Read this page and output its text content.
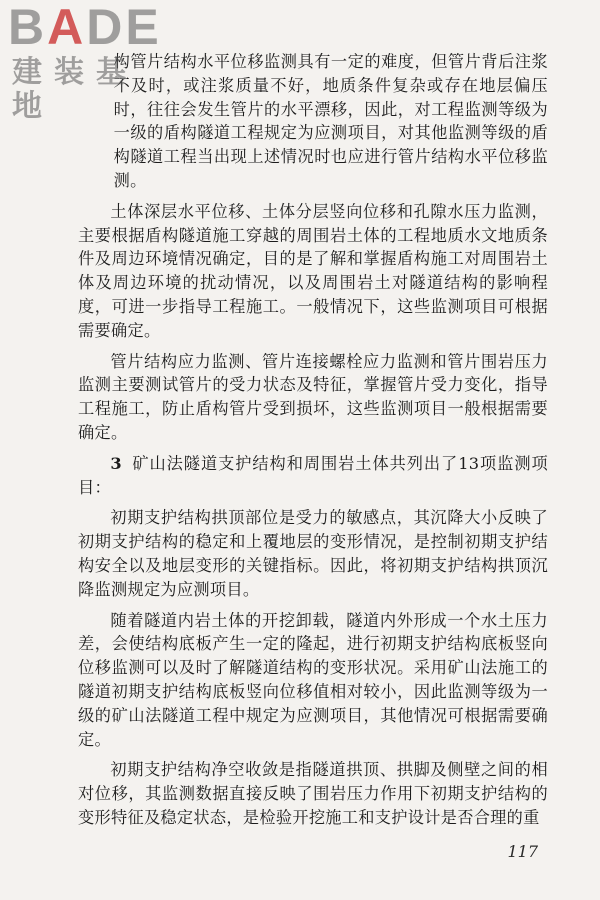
BADE
建装基地

构管片结构水平位移监测具有一定的难度，但管片背后注浆不及时，或注浆质量不好，地质条件复杂或存在地层偏压时，往往会发生管片的水平漂移，因此，对工程监测等级为一级的盾构隧道工程规定为应测项目，对其他监测等级的盾构隧道工程当出现上述情况时也应进行管片结构水平位移监测。

土体深层水平位移、土体分层竖向位移和孔隙水压力监测，主要根据盾构隧道施工穿越的周围岩土体的工程地质水文地质条件及周边环境情况确定，目的是了解和掌握盾构施工对周围岩土体及周边环境的扰动情况，以及周围岩土对隧道结构的影响程度，可进一步指导工程施工。一般情况下，这些监测项目可根据需要确定。

管片结构应力监测、管片连接螺栓应力监测和管片围岩压力监测主要测试管片的受力状态及特征，掌握管片受力变化，指导工程施工，防止盾构管片受到损坏，这些监测项目一般根据需要确定。

3 矿山法隧道支护结构和周围岩土体共列出了13项监测项目：

初期支护结构拱顶部位是受力的敏感点，其沉降大小反映了初期支护结构的稳定和上覆地层的变形情况，是控制初期支护结构安全以及地层变形的关键指标。因此，将初期支护结构拱顶沉降监测规定为应测项目。

随着隧道内岩土体的开挖卸载，隧道内外形成一个水土压力差，会使结构底板产生一定的隆起，进行初期支护结构底板竖向位移监测可以及时了解隧道结构的变形状况。采用矿山法施工的隧道初期支护结构底板竖向位移值相对较小，因此监测等级为一级的矿山法隧道工程中规定为应测项目，其他情况可根据需要确定。

初期支护结构净空收敛是指隧道拱顶、拱脚及侧壁之间的相对位移，其监测数据直接反映了围岩压力作用下初期支护结构的变形特征及稳定状态，是检验开挖施工和支护设计是否合理的重

117
